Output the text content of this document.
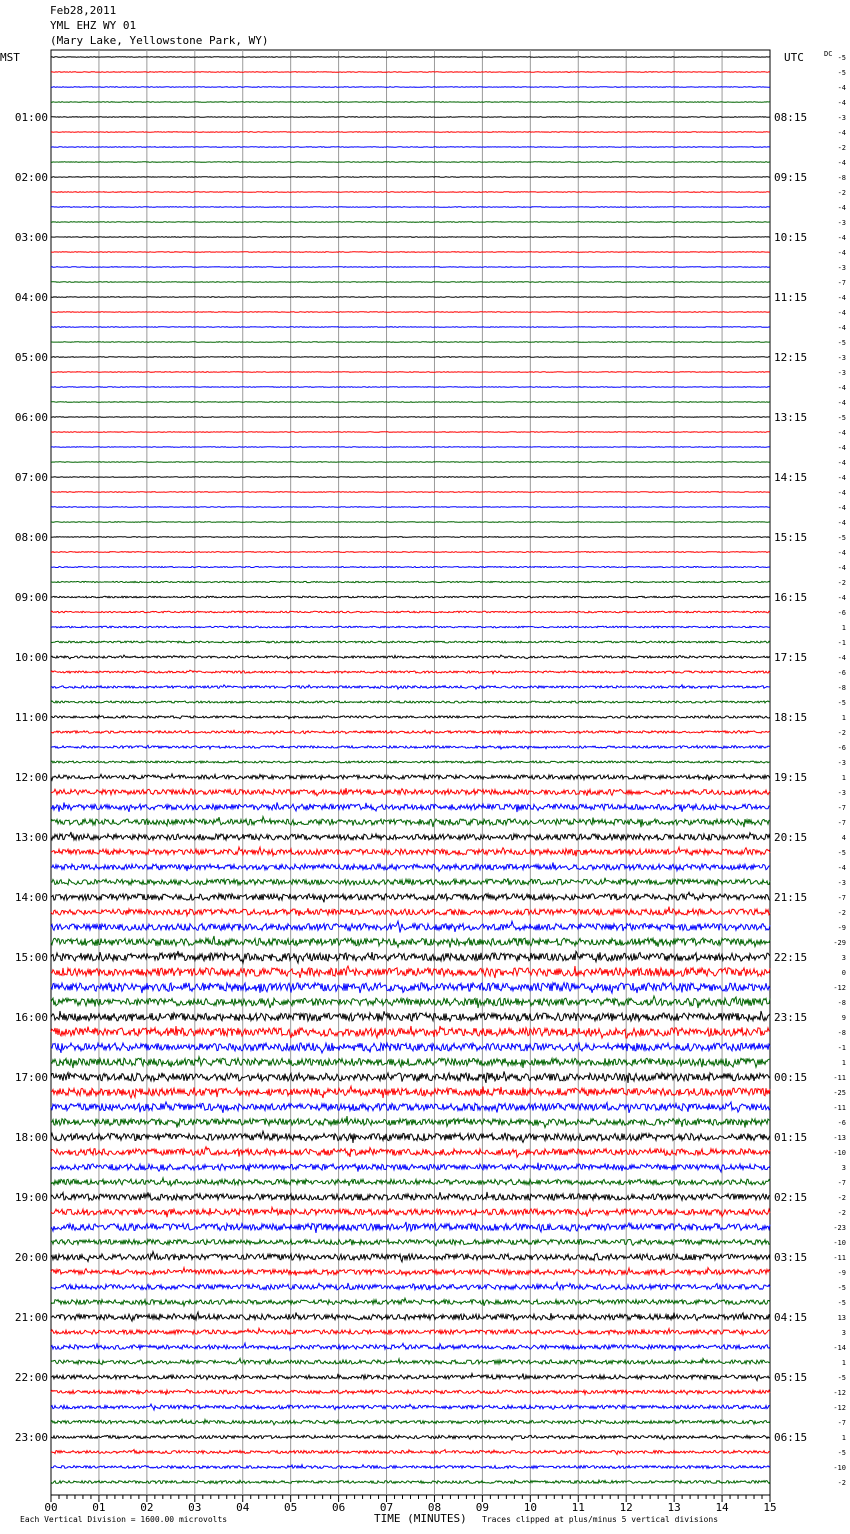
Feb28,2011
YML EHZ WY 01
(Mary Lake, Yellowstone Park, WY)
MST	UTC	DC -5
-5
-4
-4
-3
-4
-2
-4
-8
-2
-4
-3
-4
-4
-3
-7
-4
-4
-4
-5
-3
-3
-4
-4
-5
-4
-4
-4
-4
-4
-4
-4
-5
-4
-4
-2
-4
-6
1
-1
-4
-6
-8
-5
1
-2
-6
-3
1
-3
-7
-7
4
-5
-4
-3
-7
-2
-9
-29
3
0
-12
-8
9
-8
-1
1
-11
-25
-11
-6
-13
-10
3
-7
-2
-2
-23
-10
-11
-9
-5
-5
13
3
-14
1
-5
-12
-12
-7
1
-5
-10
-2
01:00	08:15
02:00	09:15
03:00	10:15
04:00	11:15
05:00	12:15
06:00	13:15
07:00	14:15
08:00	15:15
09:00	16:15
10:00	17:15
11:00	18:15
12:00	19:15
13:00	20:15
14:00	21:15
15:00	22:15
16:00	23:15
17:00	00:15
18:00	01:15
19:00	02:15
20:00	03:15
21:00	04:15
22:00	05:15
23:00	06:15
00	01	02	03	04	05	06	07	08	09	10	11	12	13	14	15
Each Vertical Division = 1600.00 microvolts	TIME (MINUTES) Traces clipped at plus/minus 5 vertical divisions
